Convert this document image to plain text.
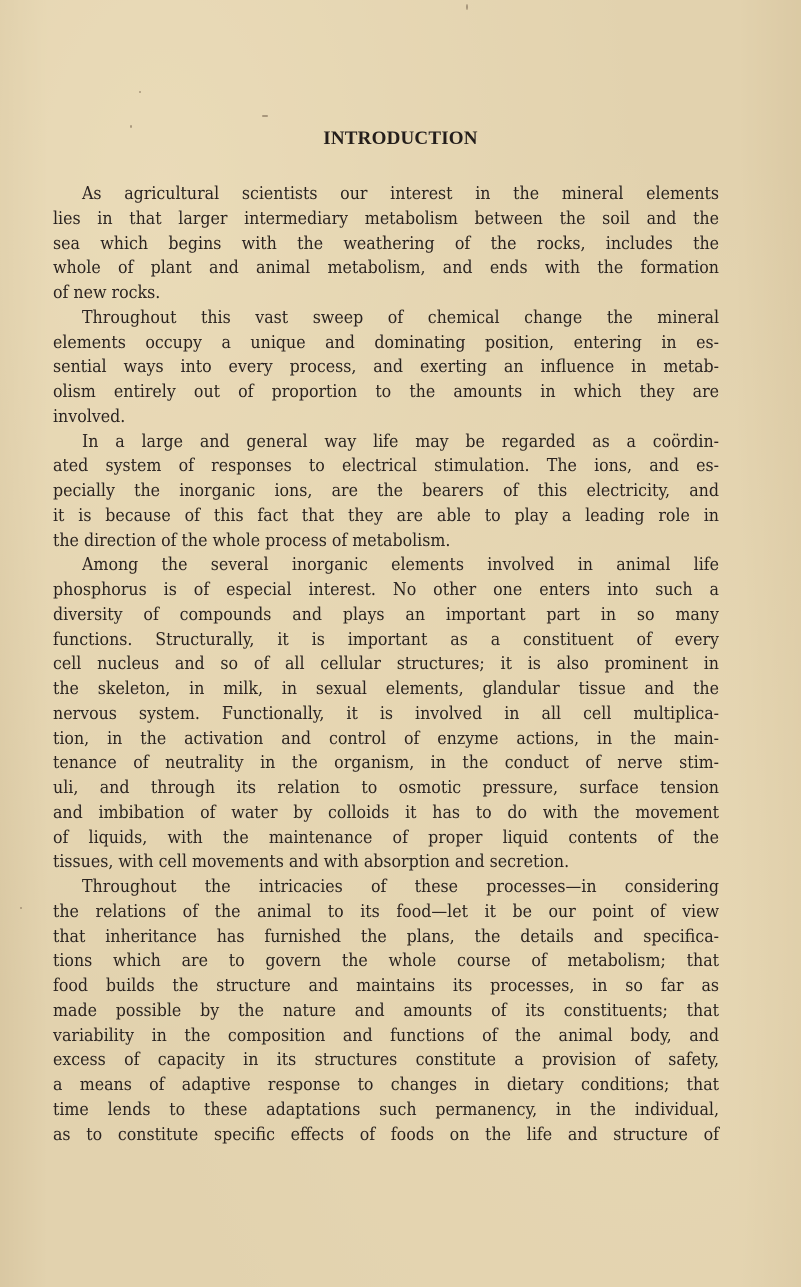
INTRODUCTION
As agricultural scientists our interest in the mineral elements
lies in that larger intermediary metabolism between the soil and the
sea which begins with the weathering of the rocks, includes the
whole of plant and animal metabolism, and ends with the formation
of new rocks.
Throughout this vast sweep of chemical change the mineral
elements occupy a unique and dominating position, entering in es-
sential ways into every process, and exerting an influence in metab-
olism entirely out of proportion to the amounts in which they are
involved.
In a large and general way life may be regarded as a coördin-
ated system of responses to electrical stimulation. The ions, and es-
pecially the inorganic ions, are the bearers of this electricity, and
it is because of this fact that they are able to play a leading role in
the direction of the whole process of metabolism.
Among the several inorganic elements involved in animal life
phosphorus is of especial interest. No other one enters into such a
diversity of compounds and plays an important part in so many
functions. Structurally, it is important as a constituent of every
cell nucleus and so of all cellular structures; it is also prominent in
the skeleton, in milk, in sexual elements, glandular tissue and the
nervous system. Functionally, it is involved in all cell multiplica-
tion, in the activation and control of enzyme actions, in the main-
tenance of neutrality in the organism, in the conduct of nerve stim-
uli, and through its relation to osmotic pressure, surface tension
and imbibation of water by colloids it has to do with the movement
of liquids, with the maintenance of proper liquid contents of the
tissues, with cell movements and with absorption and secretion.
Throughout the intricacies of these processes—in considering
the relations of the animal to its food—let it be our point of view
that inheritance has furnished the plans, the details and specifica-
tions which are to govern the whole course of metabolism; that
food builds the structure and maintains its processes, in so far as
made possible by the nature and amounts of its constituents; that
variability in the composition and functions of the animal body, and
excess of capacity in its structures constitute a provision of safety,
a means of adaptive response to changes in dietary conditions; that
time lends to these adaptations such permanency, in the individual,
as to constitute specific effects of foods on the life and structure of
